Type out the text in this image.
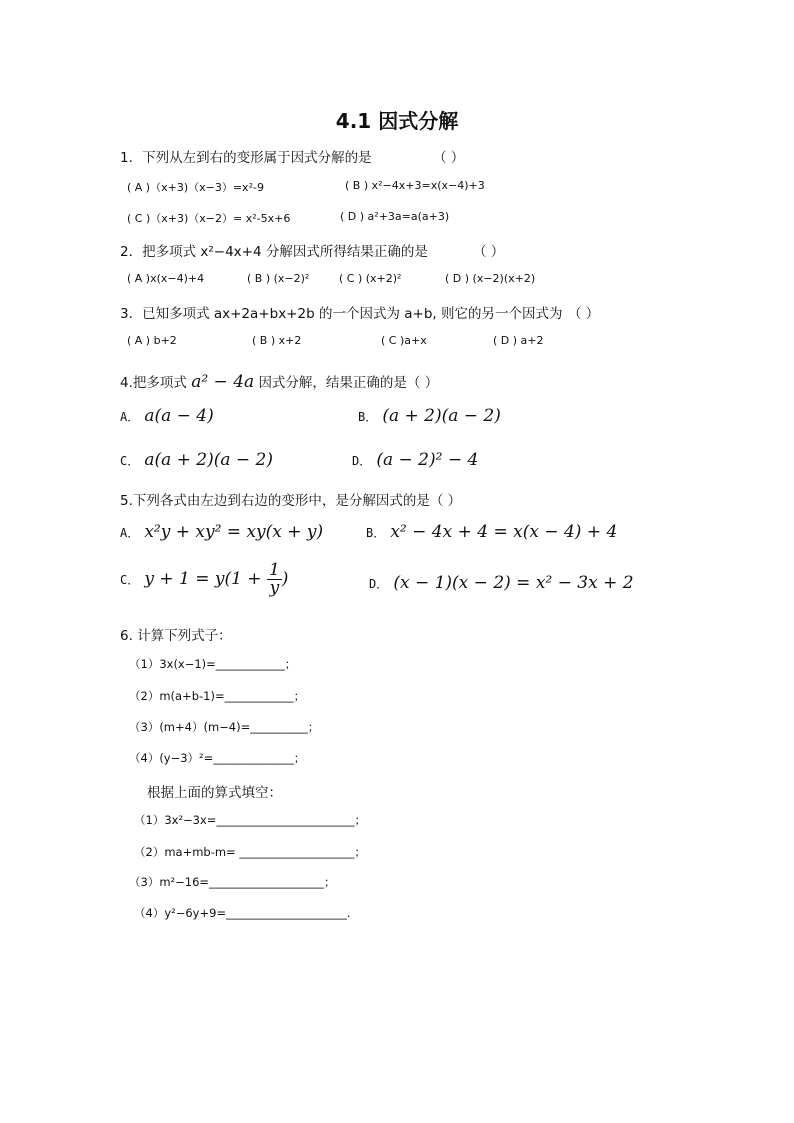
4.1 因式分解
1．下列从左到右的变形属于因式分解的是	（ ）
( A )（x+3)（x−3）=x²-9	( B ) x²−4x+3=x(x−4)+3
( C )（x+3)（x−2）= x²-5x+6	( D ) a²+3a=a(a+3)
2．把多项式 x²−4x+4 分解因式所得结果正确的是	（ ）
( A )x(x−4)+4	( B ) (x−2)²	( C ) (x+2)²	( D ) (x−2)(x+2)
3．已知多项式 ax+2a+bx+2b 的一个因式为 a+b, 则它的另一个因式为 （ ）
( A ) b+2	( B ) x+2	( C )a+x	( D ) a+2
4.把多项式 a² − 4a 因式分解，结果正确的是（ ）
A． a(a − 4)	B． (a + 2)(a − 2)
C． a(a + 2)(a − 2)	D． (a − 2)² − 4
5.下列各式由左边到右边的变形中，是分解因式的是（ ）
A． x²y + xy² = xy(x + y)	B． x² − 4x + 4 = x(x − 4) + 4
C． $y + 1 = y(1 + \frac{1}{y}$ )	D． (x − 1)(x − 2) = x² − 3x + 2
6. 计算下列式子：
（1）3x(x−1)=____________；
（2）m(a+b-1)=____________；
（3）(m+4）(m−4)=__________；
（4）(y−3）²=______________；
根据上面的算式填空：
（1）3x²−3x=________________________；
（2）ma+mb-m= ____________________；
（3）m²−16=____________________；
（4）y²−6y+9=_____________________.
